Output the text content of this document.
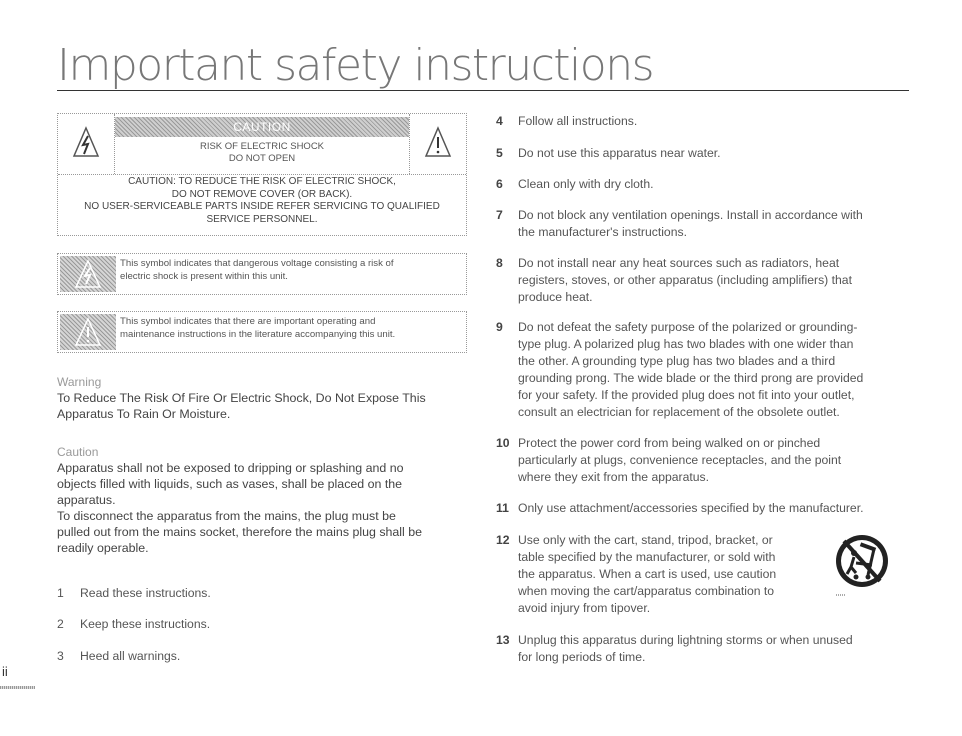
Important safety instructions
CAUTION
RISK OF ELECTRIC SHOCK
DO NOT OPEN
CAUTION: TO REDUCE THE RISK OF ELECTRIC SHOCK,
DO NOT REMOVE COVER (OR BACK).
NO USER-SERVICEABLE PARTS INSIDE REFER SERVICING TO QUALIFIED
SERVICE PERSONNEL.
This symbol indicates that dangerous voltage consisting a risk of
electric shock is present within this unit.
This symbol indicates that there are important operating and
maintenance instructions in the literature accompanying this unit.
Warning
To Reduce The Risk Of Fire Or Electric Shock, Do Not Expose This
Apparatus To Rain Or Moisture.
Caution
Apparatus shall not be exposed to dripping or splashing and no
objects filled with liquids, such as vases, shall be placed on the
apparatus.
To disconnect the apparatus from the mains, the plug must be
pulled out from the mains socket, therefore the mains plug shall be
readily operable.
1 Read these instructions.
2 Keep these instructions.
3 Heed all warnings.
4 Follow all instructions.
5 Do not use this apparatus near water.
6 Clean only with dry cloth.
7 Do not block any ventilation openings. Install in accordance with
the manufacturer's instructions.
8 Do not install near any heat sources such as radiators, heat
registers, stoves, or other apparatus (including amplifiers) that
produce heat.
9 Do not defeat the safety purpose of the polarized or grounding-
type plug. A polarized plug has two blades with one wider than
the other. A grounding type plug has two blades and a third
grounding prong. The wide blade or the third prong are provided
for your safety. If the provided plug does not fit into your outlet,
consult an electrician for replacement of the obsolete outlet.
10 Protect the power cord from being walked on or pinched
particularly at plugs, convenience receptacles, and the point
where they exit from the apparatus.
11 Only use attachment/accessories specified by the manufacturer.
12 Use only with the cart, stand, tripod, bracket, or
table specified by the manufacturer, or sold with
the apparatus. When a cart is used, use caution
when moving the cart/apparatus combination to
avoid injury from tipover.
13 Unplug this apparatus during lightning storms or when unused
for long periods of time.
ii
